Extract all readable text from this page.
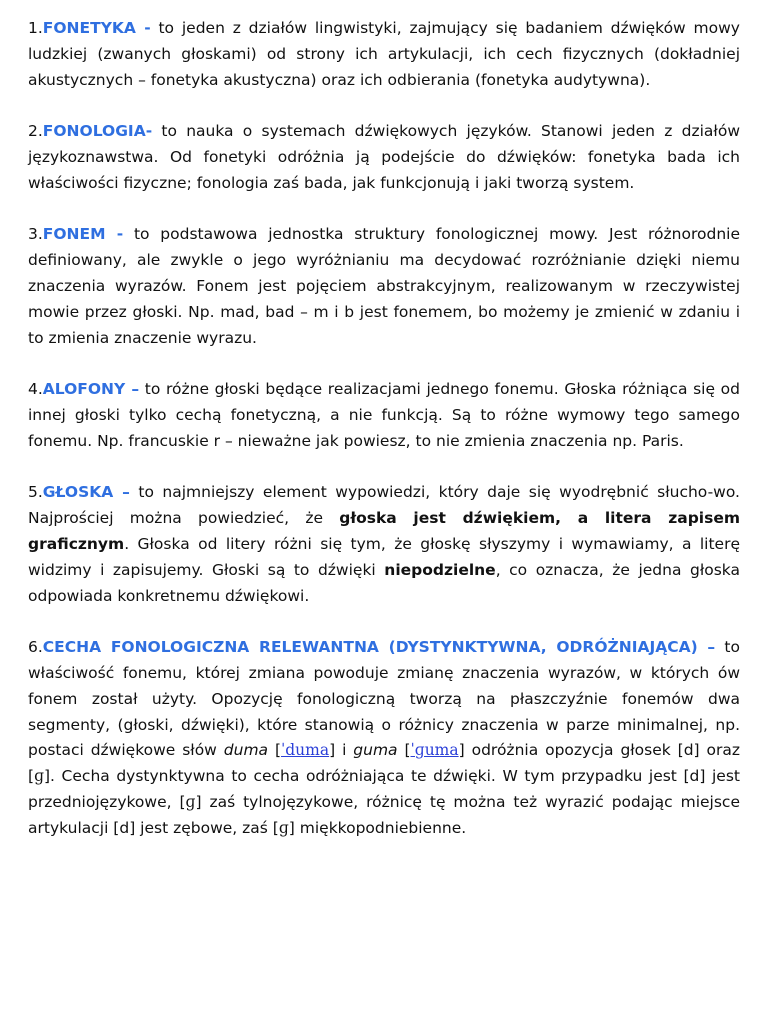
1.FONETYKA - to jeden z działów lingwistyki, zajmujący się badaniem dźwięków mowy ludzkiej (zwanych głoskami) od strony ich artykulacji, ich cech fizycznych (dokładniej akustycznych – fonetyka akustyczna) oraz ich odbierania (fonetyka audytywna).

2.FONOLOGIA- to nauka o systemach dźwiękowych języków. Stanowi jeden z działów językoznawstwa. Od fonetyki odróżnia ją podejście do dźwięków: fonetyka bada ich właściwości fizyczne; fonologia zaś bada, jak funkcjonują i jaki tworzą system.

3.FONEM - to podstawowa jednostka struktury fonologicznej mowy. Jest różnorodnie definiowany, ale zwykle o jego wyróżnianiu ma decydować rozróżnianie dzięki niemu znaczenia wyrazów. Fonem jest pojęciem abstrakcyjnym, realizowanym w rzeczywistej mowie przez głoski. Np. mad, bad – m i b jest fonemem, bo możemy je zmienić w zdaniu i to zmienia znaczenie wyrazu.

4.ALOFONY – to różne głoski będące realizacjami jednego fonemu. Głoska różniąca się od innej głoski tylko cechą fonetyczną, a nie funkcją. Są to różne wymowy tego samego fonemu. Np. francuskie r – nieważne jak powiesz, to nie zmienia znaczenia np. Paris.

5.GŁOSKA – to najmniejszy element wypowiedzi, który daje się wyodrębnić słucho-wo. Najprościej można powiedzieć, że głoska jest dźwiękiem, a litera zapisem graficznym. Głoska od litery różni się tym, że głoskę słyszymy i wymawiamy, a literę widzimy i zapisujemy. Głoski są to dźwięki niepodzielne, co oznacza, że jedna głoska odpowiada konkretnemu dźwiękowi.

6.CECHA FONOLOGICZNA RELEWANTNA (DYSTYNKTYWNA, ODRÓŻNIAJĄCA) – to właściwość fonemu, której zmiana powoduje zmianę znaczenia wyrazów, w których ów fonem został użyty. Opozycję fonologiczną tworzą na płaszczyźnie fonemów dwa segmenty, (głoski, dźwięki), które stanowią o różnicy znaczenia w parze minimalnej, np. postaci dźwiękowe słów duma [ˈduma] i guma [ˈɡuma] odróżnia opozycja głosek [d] oraz [ɡ]. Cecha dystynktywna to cecha odróżniająca te dźwięki. W tym przypadku jest [d] jest przedniojęzykowe, [ɡ] zaś tylnojęzykowe, różnicę tę można też wyrazić podając miejsce artykulacji [d] jest zębowe, zaś [ɡ] miękkopodniebienne.
